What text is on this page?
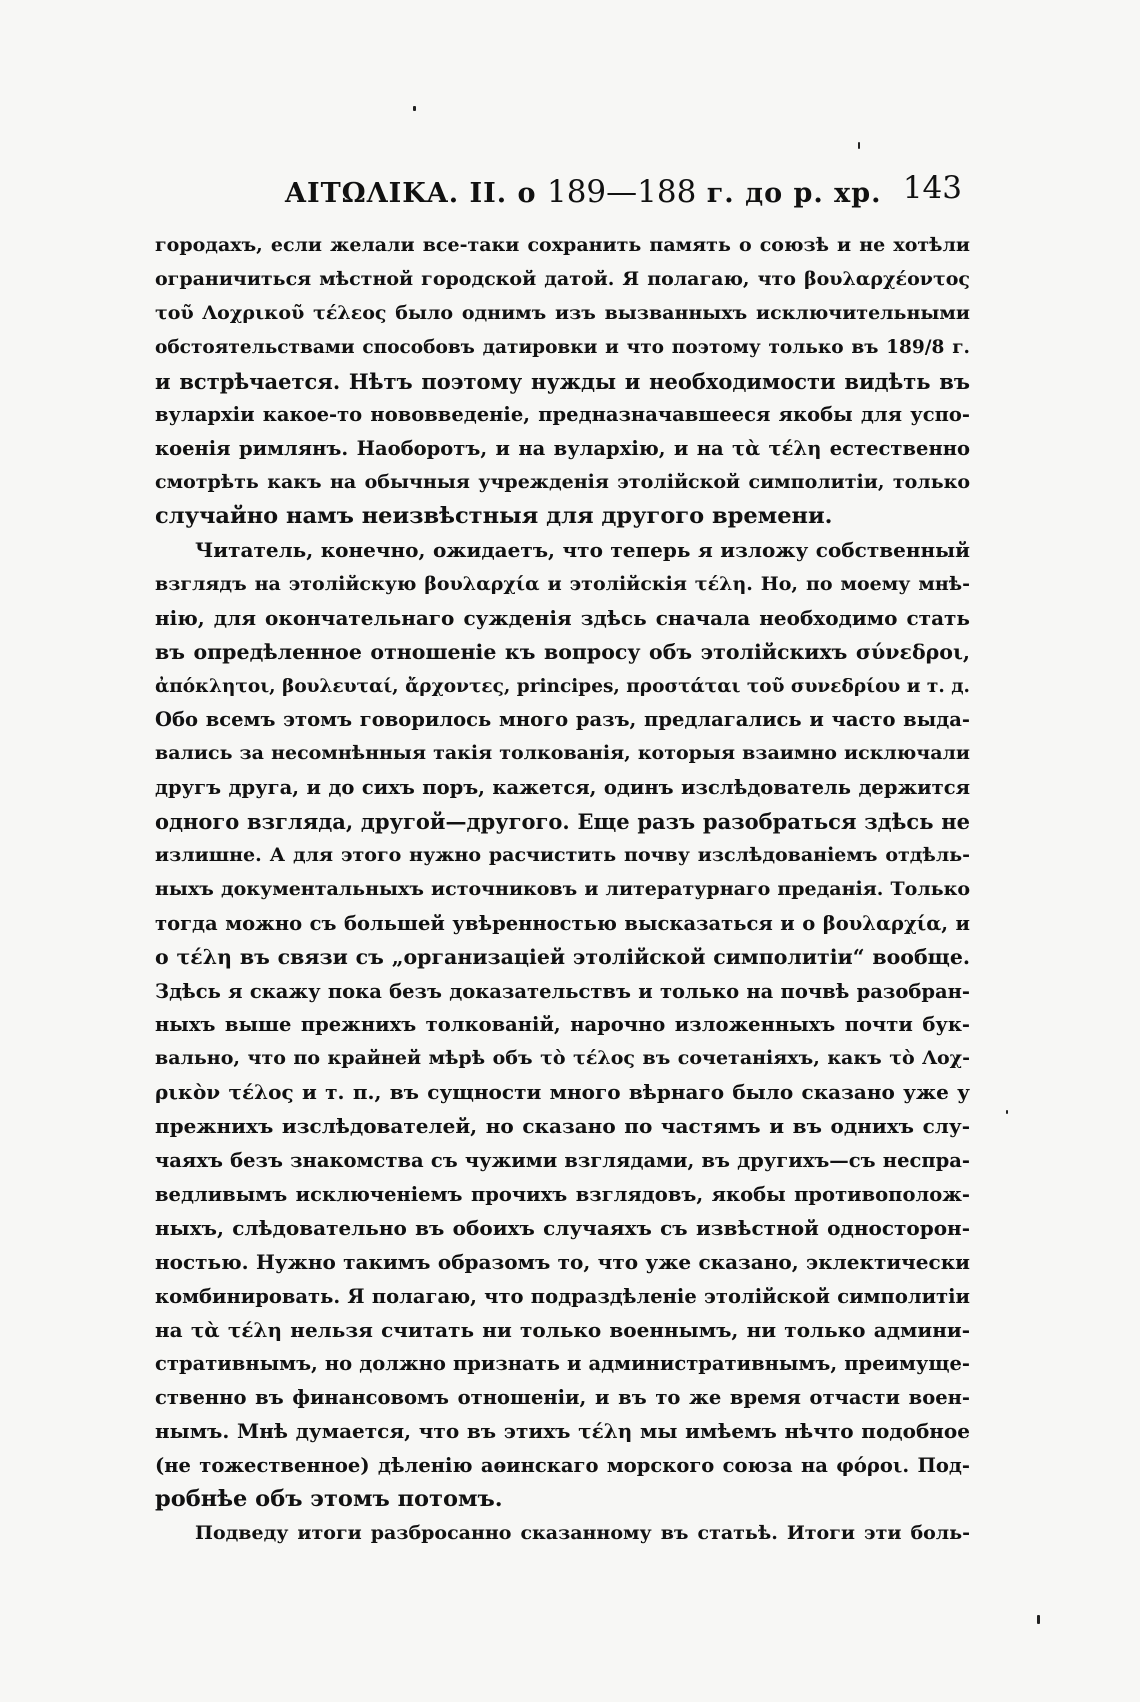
ΑΙΤΩΛΙΚΑ. II. о 189—188 г. до р. хр. 143
городахъ, если желали все-таки сохранить память о союзѣ и не хотѣли
ограничиться мѣстной городской датой. Я полагаю, что βουλαρχέοντος
τοῦ Λοχρικοῦ τέλεος было однимъ изъ вызванныхъ исключительными
обстоятельствами способовъ датировки и что поэтому только въ 189/8 г.
и встрѣчается. Нѣтъ поэтому нужды и необходимости видѣть въ
вулархіи какое-то нововведеніе, предназначавшееся якобы для успо-
коенія римлянъ. Наоборотъ, и на вулархію, и на τὰ τέλη естественно
смотрѣть какъ на обычныя учрежденія этолійской симполитіи, только
случайно намъ неизвѣстныя для другого времени.
Читатель, конечно, ожидаетъ, что теперь я изложу собственный
взглядъ на этолійскую βουλαρχία и этолійскія τέλη. Но, по моему мнѣ-
нію, для окончательнаго сужденія здѣсь сначала необходимо стать
въ опредѣленное отношеніе къ вопросу объ этолійскихъ σύνεδροι,
ἀπόκλητοι, βουλευταί, ἄρχοντες, principes, προστάται τοῦ συνεδρίου и т. д.
Обо всемъ этомъ говорилось много разъ, предлагались и часто выда-
вались за несомнѣнныя такія толкованія, которыя взаимно исключали
другъ друга, и до сихъ поръ, кажется, одинъ изслѣдователь держится
одного взгляда, другой—другого. Еще разъ разобраться здѣсь не
излишне. А для этого нужно расчистить почву изслѣдованіемъ отдѣль-
ныхъ документальныхъ источниковъ и литературнаго преданія. Только
тогда можно съ большей увѣренностью высказаться и о βουλαρχία, и
о τέλη въ связи съ „организаціей этолійской симполитіи“ вообще.
Здѣсь я скажу пока безъ доказательствъ и только на почвѣ разобран-
ныхъ выше прежнихъ толкованій, нарочно изложенныхъ почти бук-
вально, что по крайней мѣрѣ объ τὸ τέλος въ сочетаніяхъ, какъ τὸ Λοχ-
ρικὸν τέλος и т. п., въ сущности много вѣрнаго было сказано уже у
прежнихъ изслѣдователей, но сказано по частямъ и въ однихъ слу-
чаяхъ безъ знакомства съ чужими взглядами, въ другихъ—съ неспра-
ведливымъ исключеніемъ прочихъ взглядовъ, якобы противополож-
ныхъ, слѣдовательно въ обоихъ случаяхъ съ извѣстной односторон-
ностью. Нужно такимъ образомъ то, что уже сказано, эклектически
комбинировать. Я полагаю, что подраздѣленіе этолійской симполитіи
на τὰ τέλη нельзя считать ни только военнымъ, ни только админи-
стративнымъ, но должно признать и административнымъ, преимуще-
ственно въ финансовомъ отношеніи, и въ то же время отчасти воен-
нымъ. Мнѣ думается, что въ этихъ τέλη мы имѣемъ нѣчто подобное
(не тожественное) дѣленію аѳинскаго морского союза на φόροι. Под-
робнѣе объ этомъ потомъ.
Подведу итоги разбросанно сказанному въ статьѣ. Итоги эти боль-
